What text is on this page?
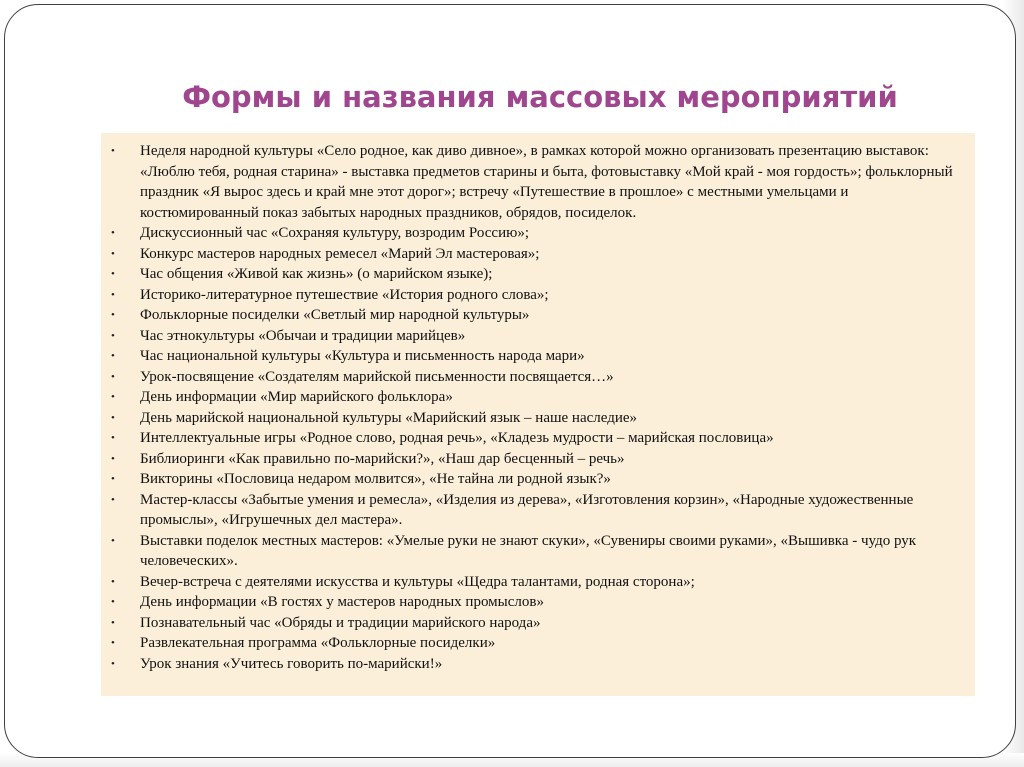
Формы и названия массовых мероприятий
• Неделя народной культуры «Село родное, как диво дивное», в рамках которой можно организовать презентацию выставок: «Люблю тебя, родная старина» - выставка предметов старины и быта, фотовыставку «Мой край - моя гордость»; фольклорный праздник «Я вырос здесь и край мне этот дорог»; встречу «Путешествие в прошлое» с местными умельцами и костюмированный показ забытых народных праздников, обрядов, посиделок.
• Дискуссионный час «Сохраняя культуру, возродим Россию»;
• Конкурс мастеров народных ремесел «Марий Эл мастеровая»;
• Час общения «Живой как жизнь» (о марийском языке);
• Историко-литературное путешествие «История родного слова»;
• Фольклорные посиделки «Светлый мир народной культуры»
• Час этнокультуры «Обычаи и традиции марийцев»
• Час национальной культуры «Культура и письменность народа мари»
• Урок-посвящение «Создателям марийской письменности посвящается…»
• День информации «Мир марийского фольклора»
• День марийской национальной культуры «Марийский язык – наше наследие»
• Интеллектуальные игры «Родное слово, родная речь», «Кладезь мудрости – марийская пословица»
• Библиоринги «Как правильно по-марийски?», «Наш дар бесценный – речь»
• Викторины «Пословица недаром молвится», «Не тайна ли родной язык?»
• Мастер-классы «Забытые умения и ремесла», «Изделия из дерева», «Изготовления корзин», «Народные художественные промыслы», «Игрушечных дел мастера».
• Выставки поделок местных мастеров: «Умелые руки не знают скуки», «Сувениры своими руками», «Вышивка - чудо рук человеческих».
• Вечер-встреча с деятелями искусства и культуры «Щедра талантами, родная сторона»;
• День информации «В гостях у мастеров народных промыслов»
• Познавательный час «Обряды и традиции марийского народа»
• Развлекательная программа «Фольклорные посиделки»
• Урок знания «Учитесь говорить по-марийски!»
